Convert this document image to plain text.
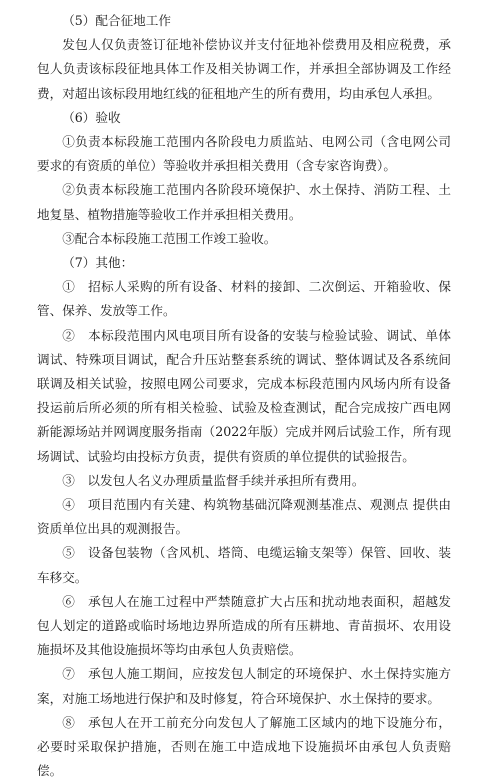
（5）配合征地工作

发包人仅负责签订征地补偿协议并支付征地补偿费用及相应税费，承包人负责该标段征地具体工作及相关协调工作，并承担全部协调及工作经费，对超出该标段用地红线的征租地产生的所有费用，均由承包人承担。

（6）验收

①负责本标段施工范围内各阶段电力质监站、电网公司（含电网公司要求的有资质的单位）等验收并承担相关费用（含专家咨询费）。

②负责本标段施工范围内各阶段环境保护、水土保持、消防工程、土地复垦、植物措施等验收工作并承担相关费用。

③配合本标段施工范围工作竣工验收。

（7）其他：

①　招标人采购的所有设备、材料的接卸、二次倒运、开箱验收、保管、保养、发放等工作。

②　本标段范围内风电项目所有设备的安装与检验试验、调试、单体调试、特殊项目调试，配合升压站整套系统的调试、整体调试及各系统间联调及相关试验，按照电网公司要求，完成本标段范围内风场内所有设备投运前后所必须的所有相关检验、试验及检查测试，配合完成按广西电网新能源场站并网调度服务指南（2022年版）完成并网后试验工作，所有现场调试、试验均由投标方负责，提供有资质的单位提供的试验报告。

③　以发包人名义办理质量监督手续并承担所有费用。

④　项目范围内有关建、构筑物基础沉降观测基准点、观测点 提供由资质单位出具的观测报告。

⑤　设备包装物（含风机、塔筒、电缆运输支架等）保管、回收、装车移交。

⑥　承包人在施工过程中严禁随意扩大占压和扰动地表面积，超越发包人划定的道路或临时场地边界所造成的所有压耕地、青苗损坏、农用设施损坏及其他设施损坏等均由承包人负责赔偿。

⑦　承包人施工期间，应按发包人制定的环境保护、水土保持实施方案，对施工场地进行保护和及时修复，符合环境保护、水土保持的要求。

⑧　承包人在开工前充分向发包人了解施工区域内的地下设施分布，必要时采取保护措施，否则在施工中造成地下设施损坏由承包人负责赔偿。
